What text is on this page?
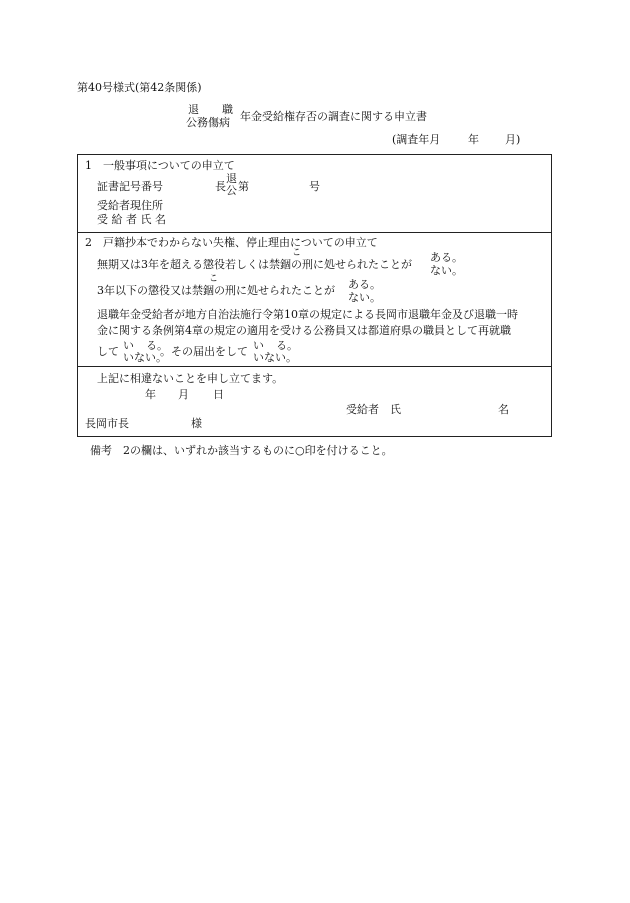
第40号様式(第42条関係)
退 職
公務傷病 年金受給権存否の調査に関する申立書
(調査年月	年 月)
1　一般事項についての申立て
証書記号番号	長
退
公 第	号
受給者現住所
受 給 者 氏 名
2　戸籍抄本でわからない失権、停止理由についての申立て
こ
無期又は3年を超える懲役若しくは禁錮の刑に処せられたことが
ある。
ない。
こ
3年以下の懲役又は禁錮の刑に処せられたことが ある。
ない。
退職年金受給者が地方自治法施行令第10章の規定による長岡市退職年金及び退職一時
金に関する条例第4章の規定の適用を受ける公務員又は都道府県の職員として再就職
して い
いない。
る。
。その届出をして い
いない。
る。
上記に相違ないことを申し立てます。
年 月 日
受給者　氏	名
長岡市長	様
備考　2の欄は、いずれか該当するものに○印を付けること。
